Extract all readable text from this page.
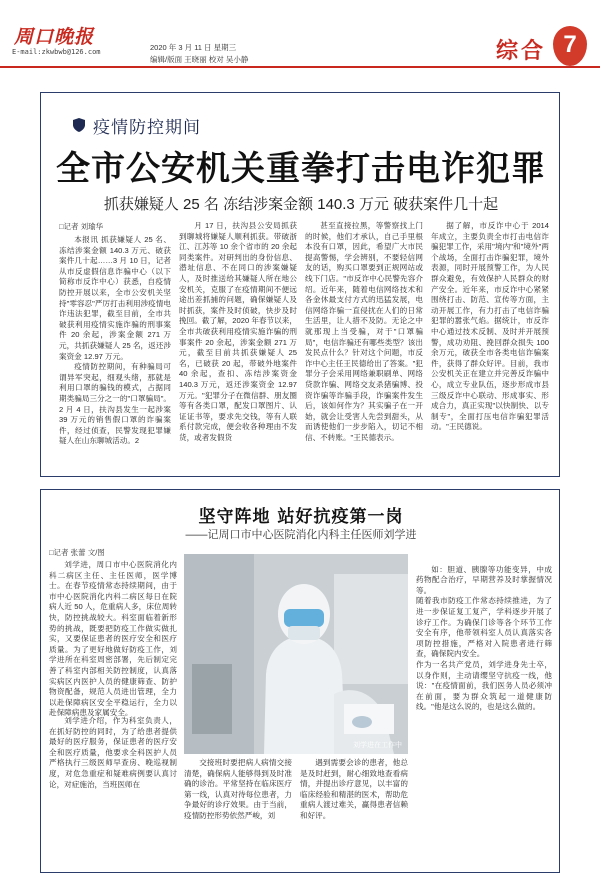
周口晚报
E-mail:zkwbwb@126.com	2020 年 3 月 11 日 星期三
编辑/版面 王晓丽 校对 吴小静	综合 7
疫情防控期间
全市公安机关重拳打击电诈犯罪
抓获嫌疑人 25 名 冻结涉案金额 140.3 万元 破获案件几十起
□记者 刘瑜华

本报讯 抓获嫌疑人 25 名、冻结涉案金额 140.3 万元、破获案件几十起……3 月 10 日，记者从市反虚假信息诈骗中心（以下简称市反诈中心）获悉，自疫情防控开展以来，全市公安机关坚持"零容忍"严厉打击利用涉疫情电诈违法犯罪，截至目前，全市共破获利用疫情实施诈骗的刑事案件 20 余起，涉案金额 271 万元，共抓获嫌疑人 25 名，返还涉案资金 12.97 万元。

疫情防控期间，有种骗局可谓异军突起，细观头绪，那就是利用口罩的骗钱的模式，占据同期类骗局三分之一的"口罩骗局"。2 月 4 日，扶沟县发生一起涉案 39 万元的销售假口罩的诈骗案件，经过侦查，民警发现犯罪嫌疑人在山东聊城活动。2

月 17 日，扶沟县公安局抓获到聊城将嫌疑人顺利抓获。带破浙江、江苏等 10 余个省市的 20 余起同类案件。对研判出的身份信息、潜址信息、不在同口的涉案嫌疑人，及时推送给其嫌疑人所在地公安机关，克服了在疫情期间不便远途出差抓捕的问题，确保嫌疑人及时抓获，案件及时侦破，快步及时挽回。截了解，2020 年春节以来，全市共破获利用疫情实施诈骗的刑事案件 20 余起，涉案金额 271 万元，截至目前共抓获嫌疑人 25 名，已破获 20 起，带破外地案件 40 余起，查扣、冻结涉案资金 140.3 万元，返还涉案资金 12.97 万元。"犯罪分子在微信群、朋友圈等有各类口罩，配发口罩图片、认证证书等，要求先交钱，等有人联系付款完成，便会收各种理由不发货，或者发假货

甚至直接拉黑，等警察找上门的时候，他们才承认，自己手里根本没有口罩，因此，希望广大市民提高警惕，学会辨别，不要轻信网友的话，购买口罩要到正规网站或线下门店。"市反诈中心民警先容介绍。近年来，随着电信网络技术和各金休最支付方式的迅猛发展，电信网络诈骗一直侵扰在人们的日常生活里，让人措不及防。无论之中就那现上当受骗，对于"口罩骗局"，电信诈骗还有哪些类型？该出发民点什么？针对这个问题，市反诈中心主任王民德给出了答案。"犯罪分子会采用网络兼职刷单、网络贷款诈骗、网络交友杀猪骗博、投资诈骗等诈骗手段，诈骗案件发生后，该如何作为？其实骗子在一开始，就会让受害人先尝到甜头，从而诱使他们一步步陷入，切记不相信、不转账。"王民德表示。

据了解，市反诈中心于 2014 年成立，主要负责全市打击电信诈骗犯罪工作，采用"境内"和"境外"两个战场，全面打击诈骗犯罪，境外表源，同时开展预警工作，为人民群众避免，有效保护人民群众的财产安全。近年来，市反诈中心紧紧围绕打击、防范、宣传等方面，主动开展工作，有力打击了电信诈骗犯罪的嚣张气焰。据统计，市反诈中心通过技术反制、及时并开展预警，成功劝阻、挽回群众损失 100 余万元，破获全市各类电信诈骗案件，获得了群众好评。目前，我市公安机关正在建立并完善反诈骗中心，成立专业队伍，逐步形成市县三级反诈中心联动、形成事实、形成合力，真正实现"以快制快、以专制专"，全面打压电信诈骗犯罪活动。"王民德说。

坚守阵地 站好抗疫第一岗
——记周口市中心医院消化内科主任医师刘学进
□记者 张蕾 文/图

刘学进，周口市中心医院消化内科二病区主任、主任医师，医学博士。在春节疫情常态持续期间，由于市中心医院消化内科二病区每日在院病人近 50 人，危重病人多，床位周转快，防控挑战较大。科室面临着新形势的挑战，既要把防疫工作做实做扎实，又要保证患者的医疗安全和医疗质量。为了更好地做好防疫工作，刘学进所在科室周密部署，先后制定完善了科室内部相关防控制度，认真落实病区内医护人员的健康筛查、防护物资配备，规范人员进出管理，全力以赴保障病区安全平稳运行，全力以赴保障病患及家属安全。

刘学进介绍，作为科室负责人，在抓好防控的同时，为了给患者提供最好的医疗服务，保证患者的医疗安全和医疗质量，他要求全科医护人员严格执行三级医师早查房、晚巡视制度，对危急重症和疑难病例要认真讨论，对症施治，当班医师在

刘学进在工作中

交接班时要把病人病情交接清楚，确保病人能够得到及时准确的诊治。平常坚持在临床医疗第一线，认真对待每位患者，力争最好的诊疗效果。由于当前，疫情防控形势依然严峻，刘

遇到需要会诊的患者，他总是及时赶到，耐心细致地查看病情，并提出诊疗意见，以丰富的临床经验和精湛的医术，帮助危重病人渡过难关，赢得患者信赖和好评。

如：胆道、胰腺等功能变异，中成药物配合治疗，早期营养及时掌握情况等。
随着我市防疫工作常态持续推进，为了进一步保证复工复产，学科逐步开展了诊疗工作。为确保门诊等各个环节工作安全有序，他带领科室人员认真落实各项防控措施，严格对入院患者进行筛查，确保院内安全。
作为一名共产党员，刘学进身先士卒，以身作则，主动请缨坚守抗疫一线，他说："在疫情面前，我们医务人员必须冲在前面，要为群众筑起一道健康防线。"他是这么说的，也是这么做的。
